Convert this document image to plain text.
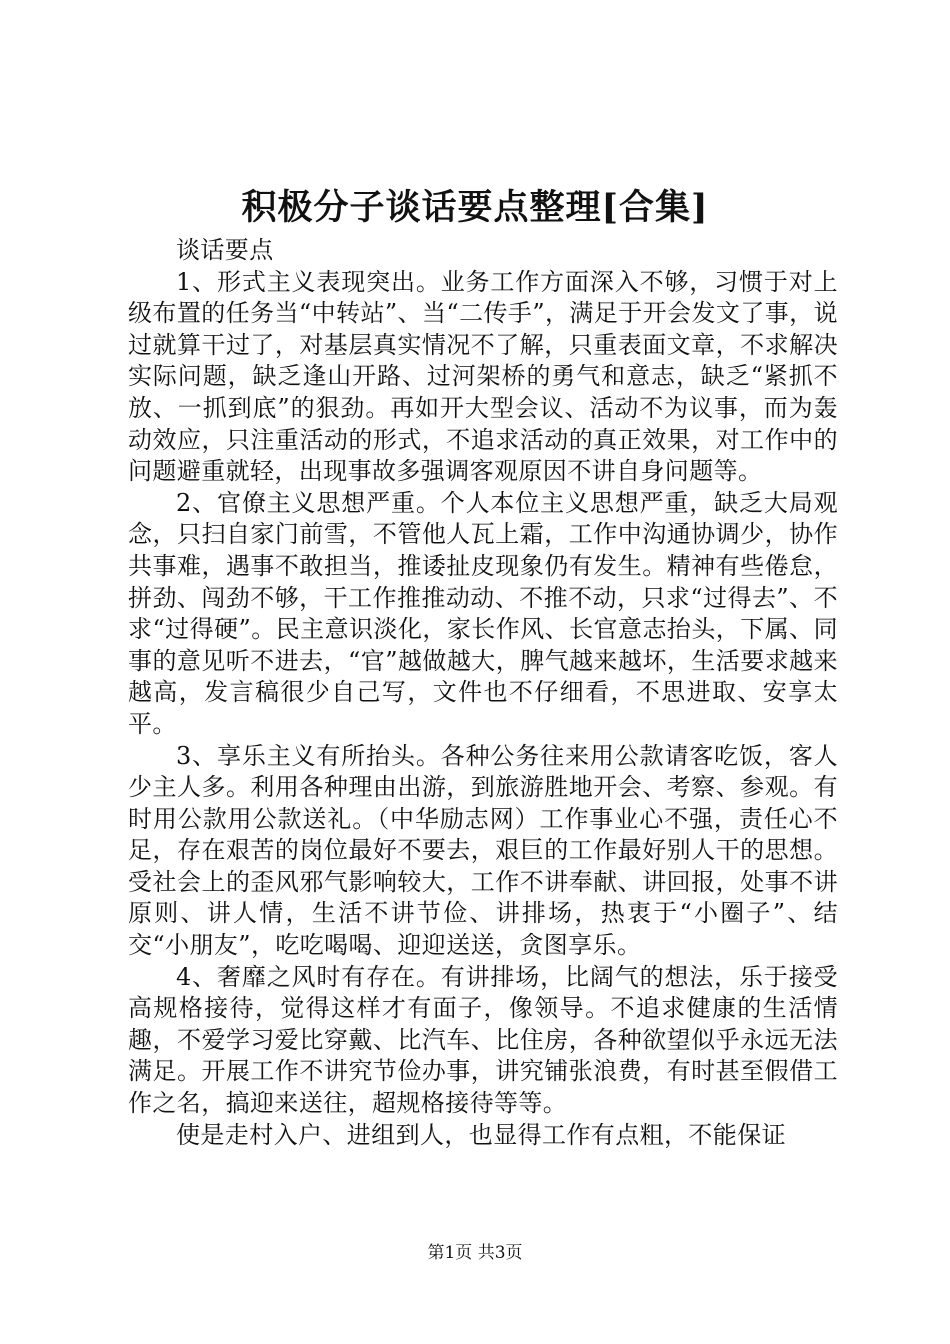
积极分子谈话要点整理[合集]

谈话要点

1、形式主义表现突出。业务工作方面深入不够，习惯于对上级布置的任务当“中转站”、当“二传手”，满足于开会发文了事，说过就算干过了，对基层真实情况不了解，只重表面文章，不求解决实际问题，缺乏逢山开路、过河架桥的勇气和意志，缺乏“紧抓不放、一抓到底”的狠劲。再如开大型会议、活动不为议事，而为轰动效应，只注重活动的形式，不追求活动的真正效果，对工作中的问题避重就轻，出现事故多强调客观原因不讲自身问题等。

2、官僚主义思想严重。个人本位主义思想严重，缺乏大局观念，只扫自家门前雪，不管他人瓦上霜，工作中沟通协调少，协作共事难，遇事不敢担当，推诿扯皮现象仍有发生。精神有些倦怠，拼劲、闯劲不够，干工作推推动动、不推不动，只求“过得去”、不求“过得硬”。民主意识淡化，家长作风、长官意志抬头，下属、同事的意见听不进去，“官”越做越大，脾气越来越坏，生活要求越来越高，发言稿很少自己写，文件也不仔细看，不思进取、安享太平。

3、享乐主义有所抬头。各种公务往来用公款请客吃饭，客人少主人多。利用各种理由出游，到旅游胜地开会、考察、参观。有时用公款用公款送礼。（中华励志网）工作事业心不强，责任心不足，存在艰苦的岗位最好不要去，艰巨的工作最好别人干的思想。受社会上的歪风邪气影响较大，工作不讲奉献、讲回报，处事不讲原则、讲人情，生活不讲节俭、讲排场，热衷于“小圈子”、结交“小朋友”，吃吃喝喝、迎迎送送，贪图享乐。

4、奢靡之风时有存在。有讲排场，比阔气的想法，乐于接受高规格接待，觉得这样才有面子，像领导。不追求健康的生活情趣，不爱学习爱比穿戴、比汽车、比住房，各种欲望似乎永远无法满足。开展工作不讲究节俭办事，讲究铺张浪费，有时甚至假借工作之名，搞迎来送往，超规格接待等等。

使是走村入户、进组到人，也显得工作有点粗，不能保证

第1页 共3页
